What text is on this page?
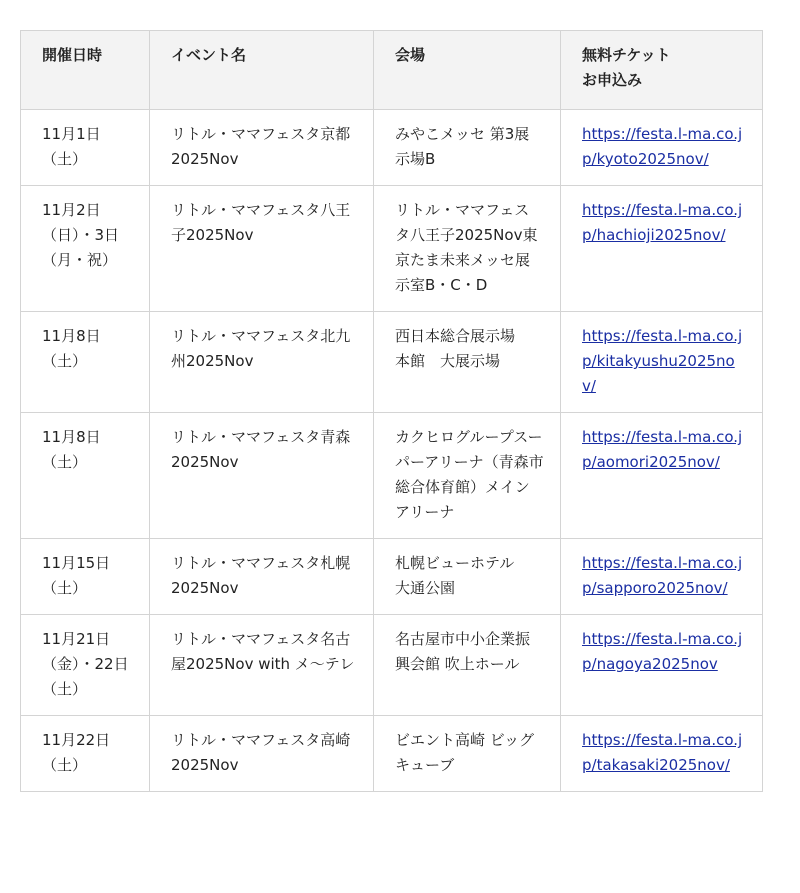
開催日時	イベント名	会場	無料チケット
お申込み

11月1日（土）	リトル・ママフェスタ京都2025Nov	みやこメッセ 第3展示場B	https://festa.l-ma.co.jp/kyoto2025nov/
11月2日（日）・3日（月・祝）	リトル・ママフェスタ八王子2025Nov	リトル・ママフェスタ八王子2025Nov東京たま未来メッセ展示室B・C・D	https://festa.l-ma.co.jp/hachioji2025nov/
11月8日（土）	リトル・ママフェスタ北九州2025Nov	西日本総合展示場　本館　大展示場	https://festa.l-ma.co.jp/kitakyushu2025nov/
11月8日（土）	リトル・ママフェスタ青森2025Nov	カクヒログループスーパーアリーナ（青森市総合体育館）メインアリーナ	https://festa.l-ma.co.jp/aomori2025nov/
11月15日（土）	リトル・ママフェスタ札幌2025Nov	札幌ビューホテル　大通公園	https://festa.l-ma.co.jp/sapporo2025nov/
11月21日（金）・22日（土）	リトル・ママフェスタ名古屋2025Nov with メ～テレ	名古屋市中小企業振興会館 吹上ホール	https://festa.l-ma.co.jp/nagoya2025nov
11月22日（土）	リトル・ママフェスタ高崎2025Nov	ビエント高崎 ビッグキューブ	https://festa.l-ma.co.jp/takasaki2025nov/
